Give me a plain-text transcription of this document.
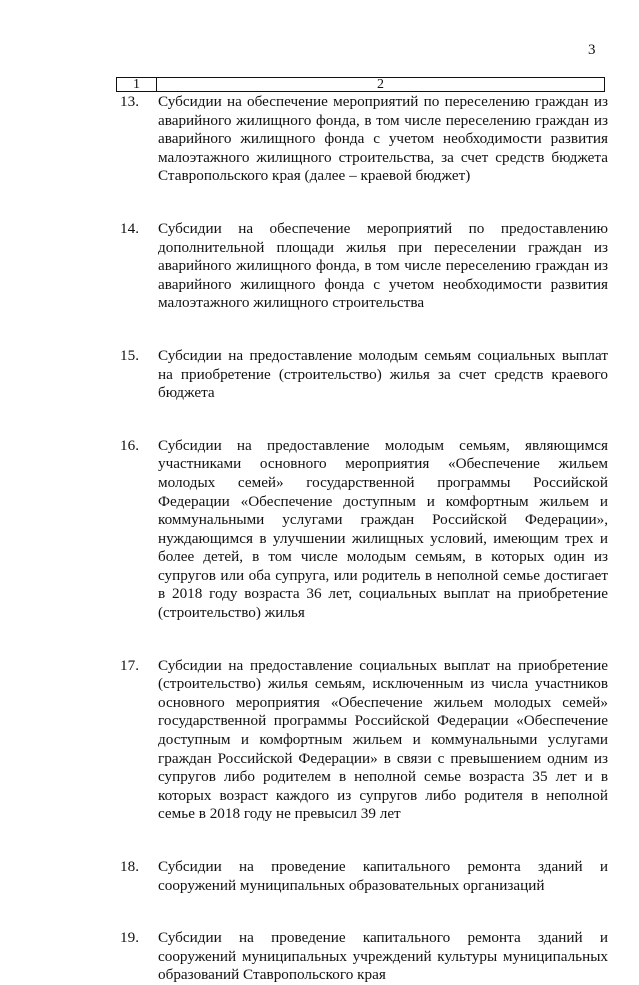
3
1	2
13.	Субсидии на обеспечение мероприятий по переселению граждан из аварийного жилищного фонда, в том числе переселению граждан из аварийного жилищного фонда с учетом необходимости развития малоэтажного жилищного строительства, за счет средств бюджета Ставропольского края (далее – краевой бюджет)
14.	Субсидии на обеспечение мероприятий по предоставлению дополнительной площади жилья при переселении граждан из аварийного жилищного фонда, в том числе переселению граждан из аварийного жилищного фонда с учетом необходимости развития малоэтажного жилищного строительства
15.	Субсидии на предоставление молодым семьям социальных выплат на приобретение (строительство) жилья за счет средств краевого бюджета
16.	Субсидии на предоставление молодым семьям, являющимся участниками основного мероприятия «Обеспечение жильем молодых семей» государственной программы Российской Федерации «Обеспечение доступным и комфортным жильем и коммунальными услугами граждан Российской Федерации», нуждающимся в улучшении жилищных условий, имеющим трех и более детей, в том числе молодым семьям, в которых один из супругов или оба супруга, или родитель в неполной семье достигает в 2018 году возраста 36 лет, социальных выплат на приобретение (строительство) жилья
17.	Субсидии на предоставление социальных выплат на приобретение (строительство) жилья семьям, исключенным из числа участников основного мероприятия «Обеспечение жильем молодых семей» государственной программы Российской Федерации «Обеспечение доступным и комфортным жильем и коммунальными услугами граждан Российской Федерации» в связи с превышением одним из супругов либо родителем в неполной семье возраста 35 лет и в которых возраст каждого из супругов либо родителя в неполной семье в 2018 году не превысил 39 лет
18.	Субсидии на проведение капитального ремонта зданий и сооружений муниципальных образовательных организаций
19.	Субсидии на проведение капитального ремонта зданий и сооружений муниципальных учреждений культуры муниципальных образований Ставропольского края
